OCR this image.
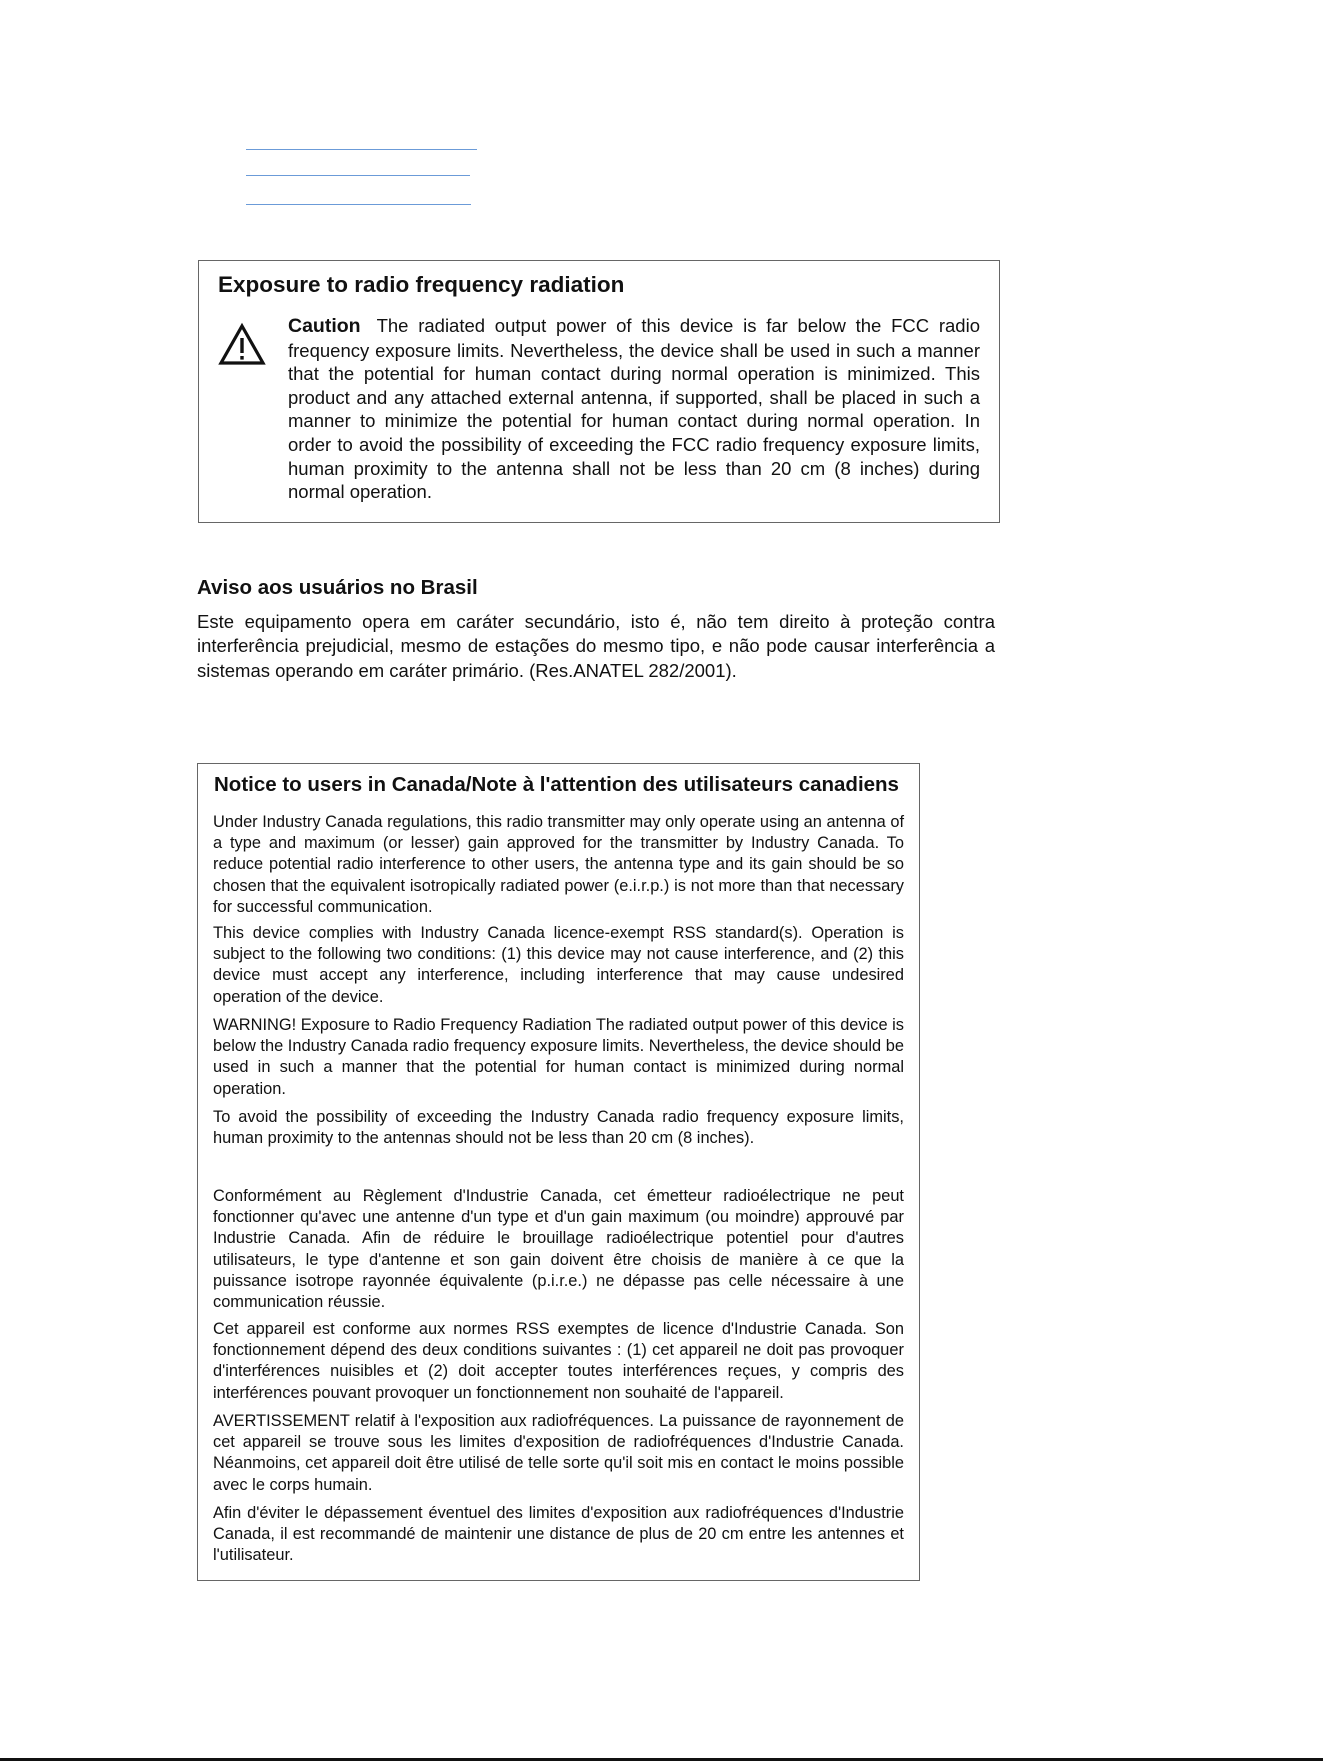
Exposure to radio frequency radiation

Caution The radiated output power of this device is far below the FCC radio frequency exposure limits. Nevertheless, the device shall be used in such a manner that the potential for human contact during normal operation is minimized. This product and any attached external antenna, if supported, shall be placed in such a manner to minimize the potential for human contact during normal operation. In order to avoid the possibility of exceeding the FCC radio frequency exposure limits, human proximity to the antenna shall not be less than 20 cm (8 inches) during normal operation.

Aviso aos usuários no Brasil

Este equipamento opera em caráter secundário, isto é, não tem direito à proteção contra interferência prejudicial, mesmo de estações do mesmo tipo, e não pode causar interferência a sistemas operando em caráter primário. (Res.ANATEL 282/2001).

Notice to users in Canada/Note à l'attention des utilisateurs canadiens

Under Industry Canada regulations, this radio transmitter may only operate using an antenna of a type and maximum (or lesser) gain approved for the transmitter by Industry Canada. To reduce potential radio interference to other users, the antenna type and its gain should be so chosen that the equivalent isotropically radiated power (e.i.r.p.) is not more than that necessary for successful communication.

This device complies with Industry Canada licence-exempt RSS standard(s). Operation is subject to the following two conditions: (1) this device may not cause interference, and (2) this device must accept any interference, including interference that may cause undesired operation of the device.

WARNING! Exposure to Radio Frequency Radiation The radiated output power of this device is below the Industry Canada radio frequency exposure limits. Nevertheless, the device should be used in such a manner that the potential for human contact is minimized during normal operation.

To avoid the possibility of exceeding the Industry Canada radio frequency exposure limits, human proximity to the antennas should not be less than 20 cm (8 inches).

Conformément au Règlement d'Industrie Canada, cet émetteur radioélectrique ne peut fonctionner qu'avec une antenne d'un type et d'un gain maximum (ou moindre) approuvé par Industrie Canada. Afin de réduire le brouillage radioélectrique potentiel pour d'autres utilisateurs, le type d'antenne et son gain doivent être choisis de manière à ce que la puissance isotrope rayonnée équivalente (p.i.r.e.) ne dépasse pas celle nécessaire à une communication réussie.

Cet appareil est conforme aux normes RSS exemptes de licence d'Industrie Canada. Son fonctionnement dépend des deux conditions suivantes : (1) cet appareil ne doit pas provoquer d'interférences nuisibles et (2) doit accepter toutes interférences reçues, y compris des interférences pouvant provoquer un fonctionnement non souhaité de l'appareil.

AVERTISSEMENT relatif à l'exposition aux radiofréquences. La puissance de rayonnement de cet appareil se trouve sous les limites d'exposition de radiofréquences d'Industrie Canada. Néanmoins, cet appareil doit être utilisé de telle sorte qu'il soit mis en contact le moins possible avec le corps humain.

Afin d'éviter le dépassement éventuel des limites d'exposition aux radiofréquences d'Industrie Canada, il est recommandé de maintenir une distance de plus de 20 cm entre les antennes et l'utilisateur.
